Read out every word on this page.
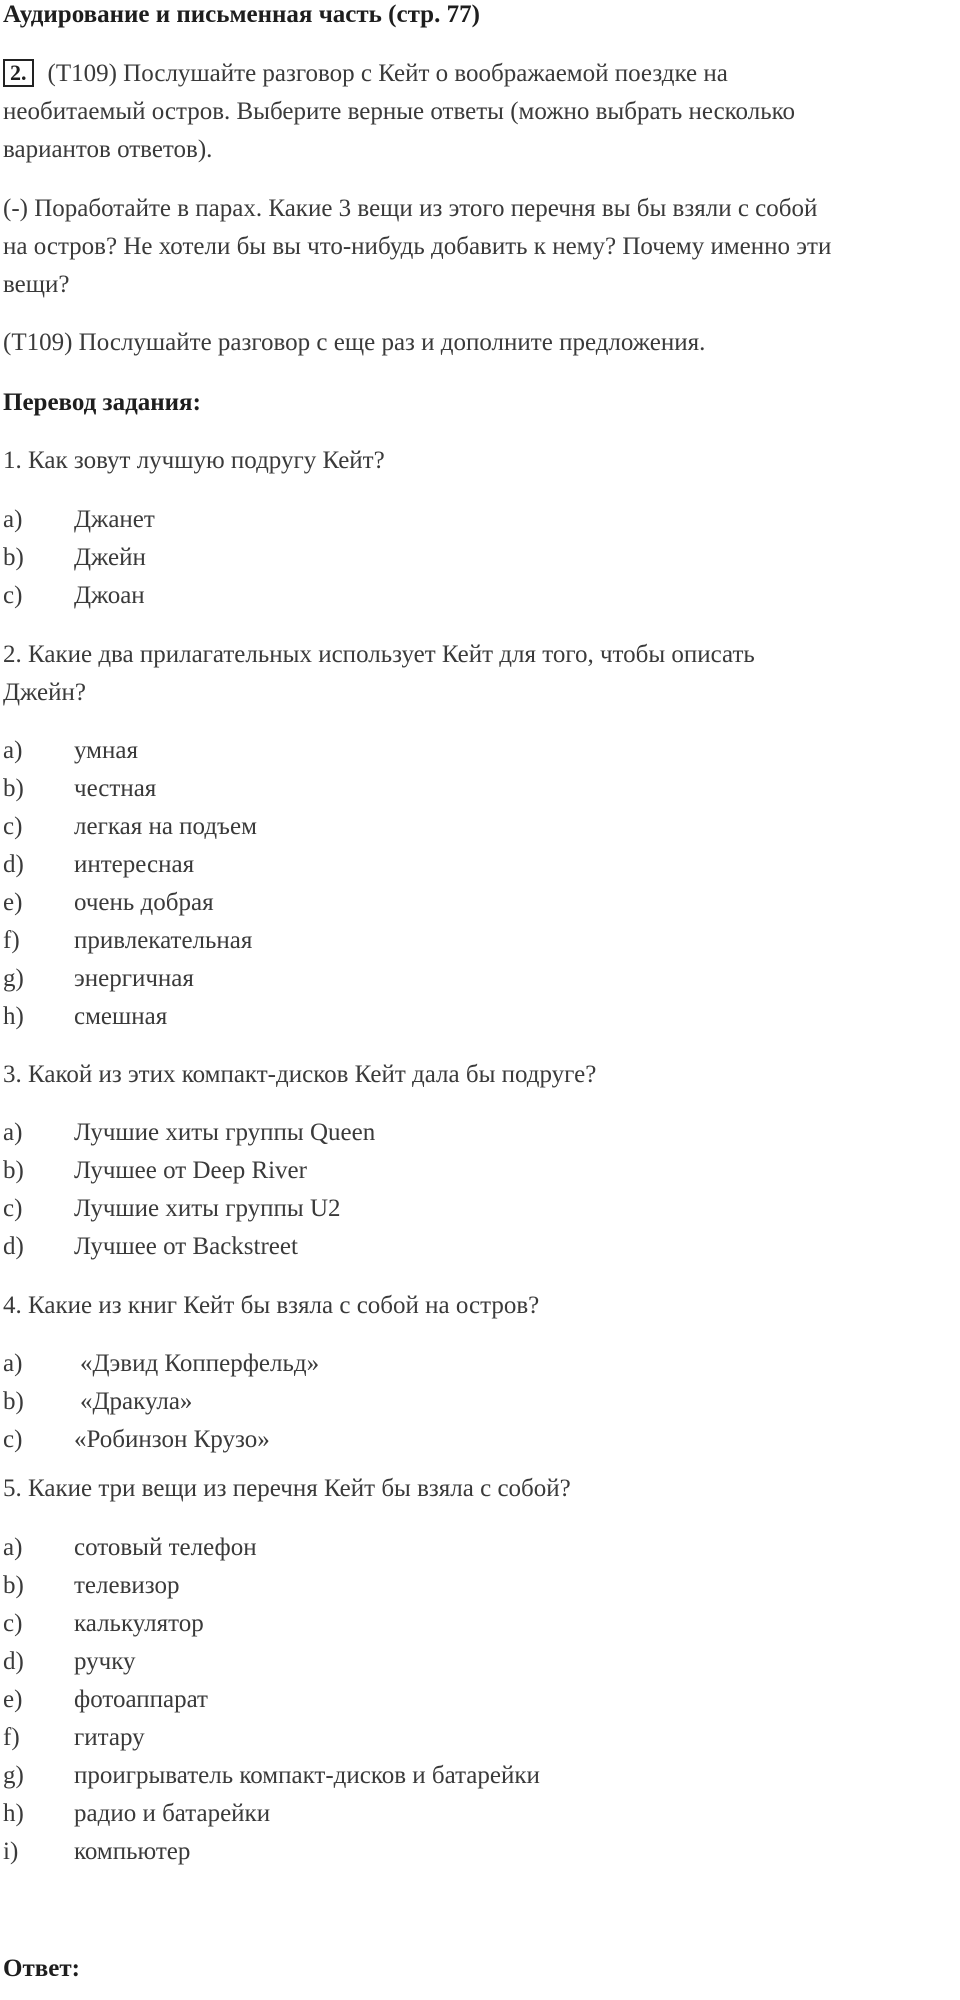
Аудирование и письменная часть (стр. 77)
2. (T109) Послушайте разговор с Кейт о воображаемой поездке на
необитаемый остров. Выберите верные ответы (можно выбрать несколько
вариантов ответов).
(-) Поработайте в парах. Какие 3 вещи из этого перечня вы бы взяли с собой
на остров? Не хотели бы вы что-нибудь добавить к нему? Почему именно эти
вещи?
(T109) Послушайте разговор с еще раз и дополните предложения.
Перевод задания:
1. Как зовут лучшую подругу Кейт?
a)	Джанет
b)	Джейн
c)	Джоан
2. Какие два прилагательных использует Кейт для того, чтобы описать
Джейн?
a)	умная
b)	честная
c)	легкая на подъем
d)	интересная
e)	очень добрая
f)	привлекательная
g)	энергичная
h)	смешная
3. Какой из этих компакт-дисков Кейт дала бы подруге?
a)	Лучшие хиты группы Queen
b)	Лучшее от Deep River
c)	Лучшие хиты группы U2
d)	Лучшее от Backstreet
4. Какие из книг Кейт бы взяла с собой на остров?
a)	«Дэвид Копперфельд»
b)	«Дракула»
c)	«Робинзон Крузо»
5. Какие три вещи из перечня Кейт бы взяла с собой?
a)	сотовый телефон
b)	телевизор
c)	калькулятор
d)	ручку
e)	фотоаппарат
f)	гитару
g)	проигрыватель компакт-дисков и батарейки
h)	радио и батарейки
i)	компьютер
Ответ:
